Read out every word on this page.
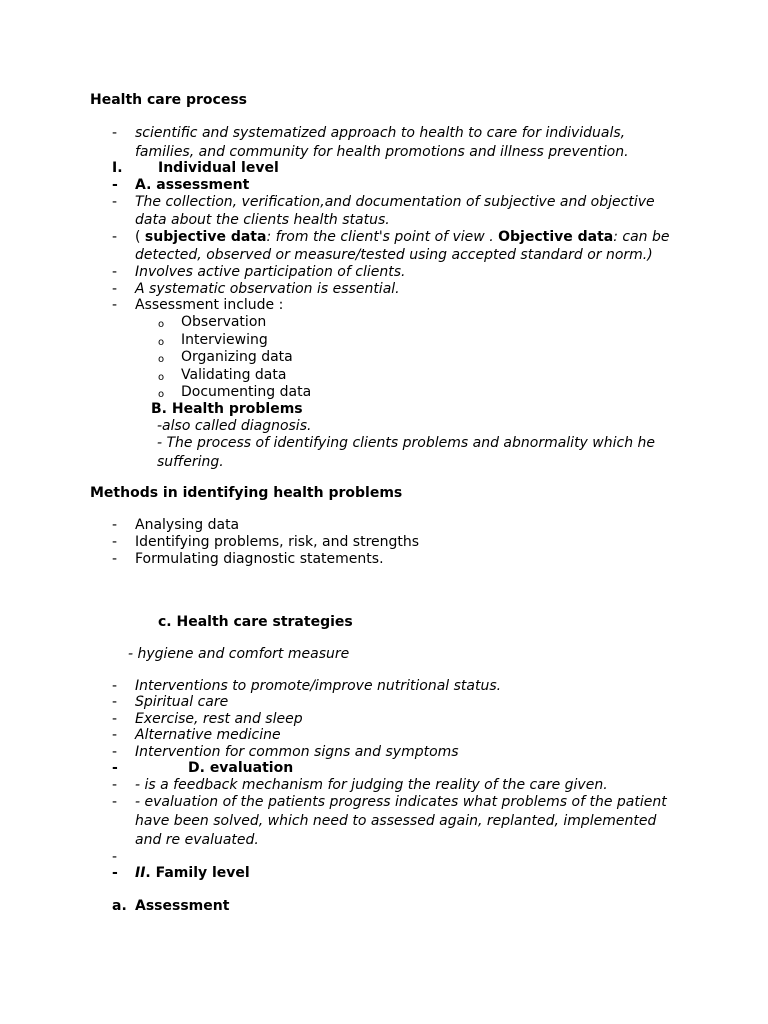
Health care process
- scientific and systematized approach to health to care for individuals,
families, and community for health promotions and illness prevention.
I.	Individual level
- A. assessment
- The collection, verification,and documentation of subjective and objective
data about the clients health status.
- ( subjective data: from the client's point of view . Objective data: can be
detected, observed or measure/tested using accepted standard or norm.)
- Involves active participation of clients.
- A systematic observation is essential.
- Assessment include :
o Observation
o Interviewing
o Organizing data
o Validating data
o Documenting data
B. Health problems
-also called diagnosis.
- The process of identifying clients problems and abnormality which he
suffering.
Methods in identifying health problems
- Analysing data
- Identifying problems, risk, and strengths
- Formulating diagnostic statements.
c. Health care strategies
- hygiene and comfort measure
- Interventions to promote/improve nutritional status.
- Spiritual care
- Exercise, rest and sleep
- Alternative medicine
- Intervention for common signs and symptoms
-	D. evaluation
- - is a feedback mechanism for judging the reality of the care given.
- - evaluation of the patients progress indicates what problems of the patient
have been solved, which need to assessed again, replanted, implemented
and re evaluated.
-
- II. Family level
a. Assessment
